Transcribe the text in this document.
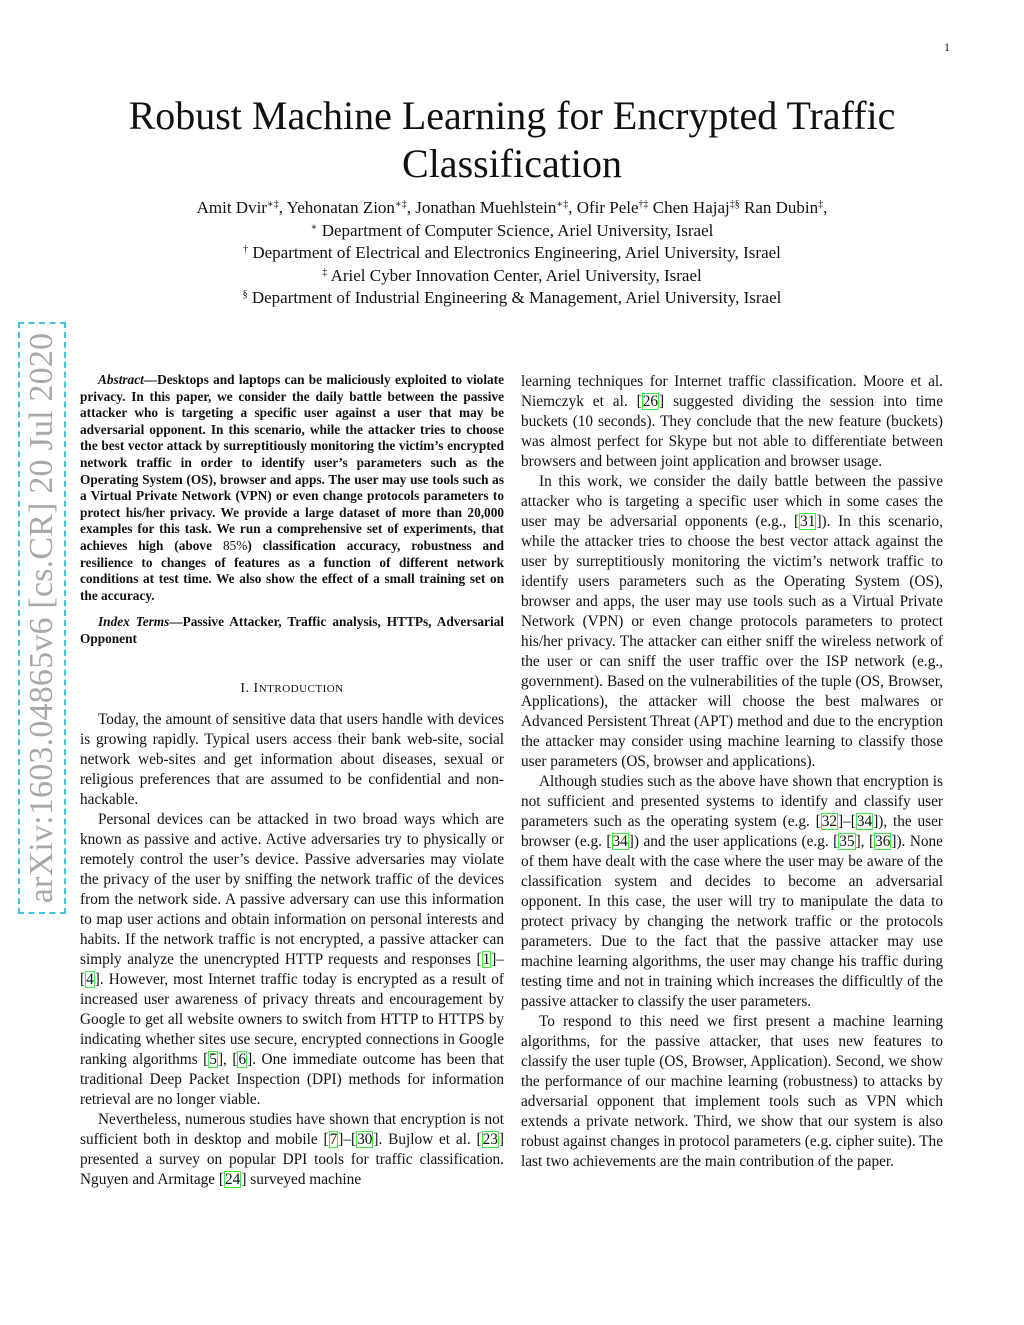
1
arXiv:1603.04865v6 [cs.CR] 20 Jul 2020
Robust Machine Learning for Encrypted Traffic Classification
Amit Dvir∗‡, Yehonatan Zion∗‡, Jonathan Muehlstein∗‡, Ofir Pele†‡ Chen Hajaj‡§ Ran Dubin‡,
∗ Department of Computer Science, Ariel University, Israel
† Department of Electrical and Electronics Engineering, Ariel University, Israel
‡ Ariel Cyber Innovation Center, Ariel University, Israel
§ Department of Industrial Engineering & Management, Ariel University, Israel

Abstract—Desktops and laptops can be maliciously exploited to violate privacy. In this paper, we consider the daily battle between the passive attacker who is targeting a specific user against a user that may be adversarial opponent. In this scenario, while the attacker tries to choose the best vector attack by surreptitiously monitoring the victim’s encrypted network traffic in order to identify user’s parameters such as the Operating System (OS), browser and apps. The user may use tools such as a Virtual Private Network (VPN) or even change protocols parameters to protect his/her privacy. We provide a large dataset of more than 20,000 examples for this task. We run a comprehensive set of experiments, that achieves high (above 85%) classification accuracy, robustness and resilience to changes of features as a function of different network conditions at test time. We also show the effect of a small training set on the accuracy.

Index Terms—Passive Attacker, Traffic analysis, HTTPs, Adversarial Opponent

I. INTRODUCTION

Today, the amount of sensitive data that users handle with devices is growing rapidly. Typical users access their bank web-site, social network web-sites and get information about diseases, sexual or religious preferences that are assumed to be confidential and non-hackable.

Personal devices can be attacked in two broad ways which are known as passive and active. Active adversaries try to physically or remotely control the user’s device. Passive adversaries may violate the privacy of the user by sniffing the network traffic of the devices from the network side. A passive adversary can use this information to map user actions and obtain information on personal interests and habits. If the network traffic is not encrypted, a passive attacker can simply analyze the unencrypted HTTP requests and responses [1]–[4]. However, most Internet traffic today is encrypted as a result of increased user awareness of privacy threats and encouragement by Google to get all website owners to switch from HTTP to HTTPS by indicating whether sites use secure, encrypted connections in Google ranking algorithms [5], [6]. One immediate outcome has been that traditional Deep Packet Inspection (DPI) methods for information retrieval are no longer viable.

Nevertheless, numerous studies have shown that encryption is not sufficient both in desktop and mobile [7]–[30]. Bujlow et al. [23] presented a survey on popular DPI tools for traffic classification. Nguyen and Armitage [24] surveyed machine

learning techniques for Internet traffic classification. Moore et al. Niemczyk et al. [26] suggested dividing the session into time buckets (10 seconds). They conclude that the new feature (buckets) was almost perfect for Skype but not able to differentiate between browsers and between joint application and browser usage.

In this work, we consider the daily battle between the passive attacker who is targeting a specific user which in some cases the user may be adversarial opponents (e.g., [31]). In this scenario, while the attacker tries to choose the best vector attack against the user by surreptitiously monitoring the victim’s network traffic to identify users parameters such as the Operating System (OS), browser and apps, the user may use tools such as a Virtual Private Network (VPN) or even change protocols parameters to protect his/her privacy. The attacker can either sniff the wireless network of the user or can sniff the user traffic over the ISP network (e.g., government). Based on the vulnerabilities of the tuple (OS, Browser, Applications), the attacker will choose the best malwares or Advanced Persistent Threat (APT) method and due to the encryption the attacker may consider using machine learning to classify those user parameters (OS, browser and applications).

Although studies such as the above have shown that encryption is not sufficient and presented systems to identify and classify user parameters such as the operating system (e.g. [32]–[34]), the user browser (e.g. [34]) and the user applications (e.g. [35], [36]). None of them have dealt with the case where the user may be aware of the classification system and decides to become an adversarial opponent. In this case, the user will try to manipulate the data to protect privacy by changing the network traffic or the protocols parameters. Due to the fact that the passive attacker may use machine learning algorithms, the user may change his traffic during testing time and not in training which increases the difficultly of the passive attacker to classify the user parameters.

To respond to this need we first present a machine learning algorithms, for the passive attacker, that uses new features to classify the user tuple (OS, Browser, Application). Second, we show the performance of our machine learning (robustness) to attacks by adversarial opponent that implement tools such as VPN which extends a private network. Third, we show that our system is also robust against changes in protocol parameters (e.g. cipher suite). The last two achievements are the main contribution of the paper.
